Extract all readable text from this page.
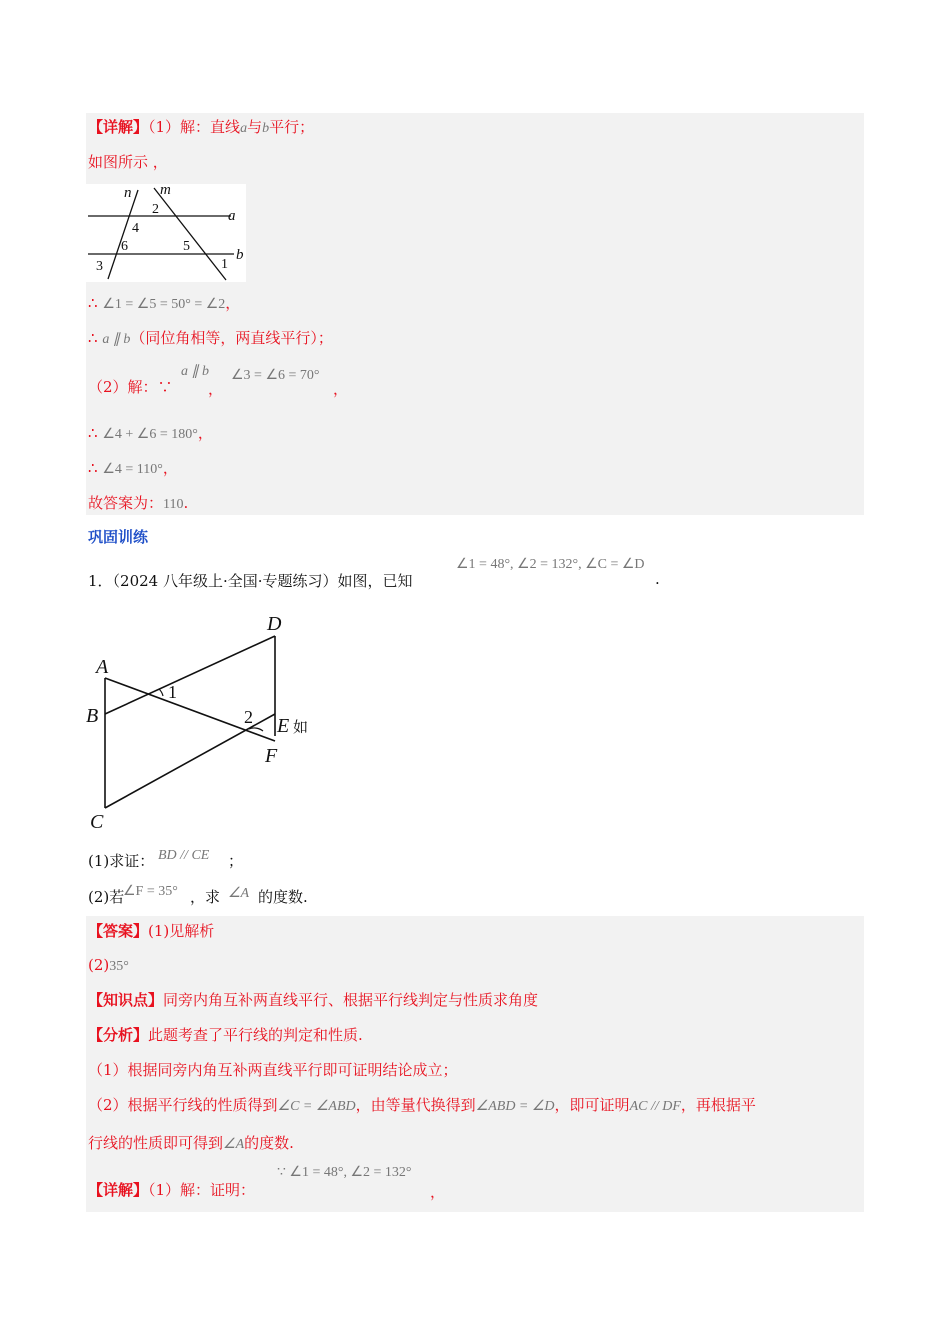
【详解】（1）解：直线a与b平行；
如图所示 ，
n m
a
b
2
4
6	5
3	1
∴ ∠1 = ∠5 = 50° = ∠2，
∴ a ∥ b（同位角相等，两直线平行）；
（2）解：∵
a ∥ b
，
∠3 = ∠6 = 70°
，
∴ ∠4 + ∠6 = 180°，
∴ ∠4 = 110°，
故答案为：110.
巩固训练
1．（2024 八年级上·全国·专题练习）如图，已知
∠1 = 48°, ∠2 = 132°, ∠C = ∠D
.
A
B
C
D
E 如
F
1
2
(1)求证： BD // CE ；
(2)若
∠F = 35° ，求 ∠A 的度数.
【答案】(1)见解析
(2)35°
【知识点】同旁内角互补两直线平行、根据平行线判定与性质求角度
【分析】此题考查了平行线的判定和性质.
（1）根据同旁内角互补两直线平行即可证明结论成立；
（2）根据平行线的性质得到∠C = ∠ABD，由等量代换得到∠ABD = ∠D，即可证明AC // DF，再根据平
行线的性质即可得到∠A的度数.
【详解】（1）解：证明：
∵ ∠1 = 48°, ∠2 = 132°
，
